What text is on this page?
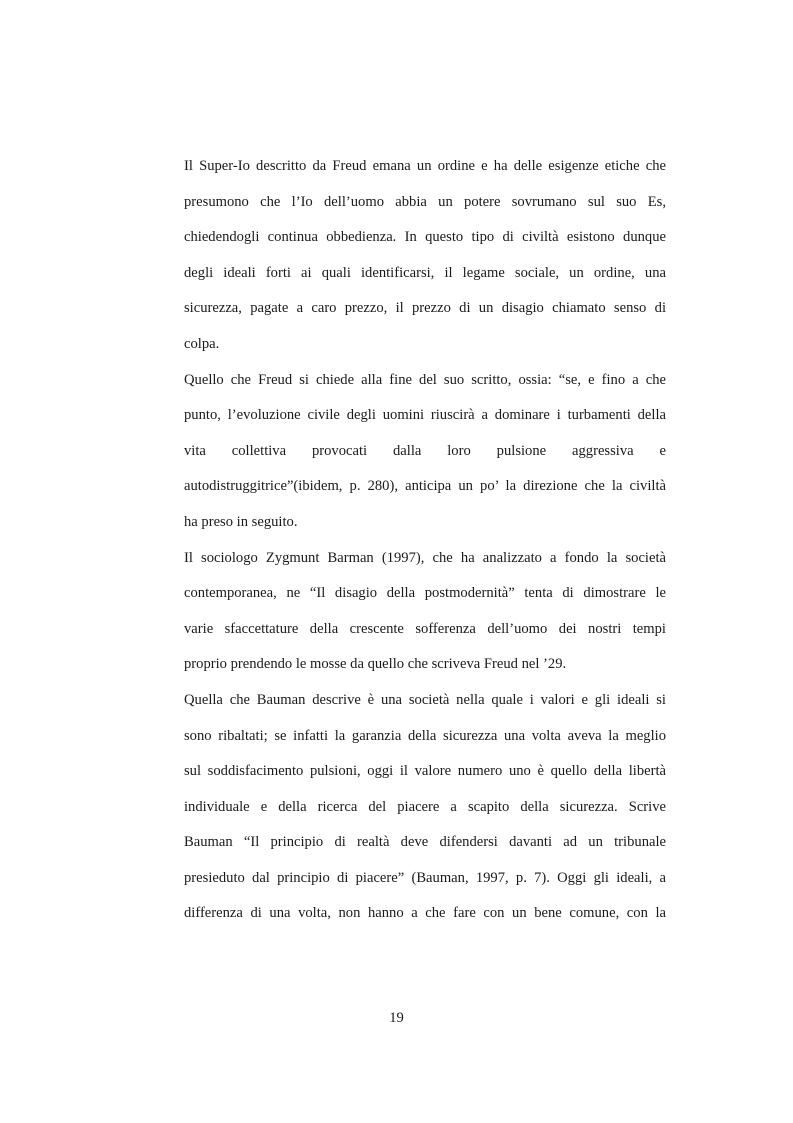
Il Super-Io descritto da Freud emana un ordine e ha delle esigenze etiche che
presumono che l’Io dell’uomo abbia un potere sovrumano sul suo Es,
chiedendogli continua obbedienza. In questo tipo di civiltà esistono dunque
degli ideali forti ai quali identificarsi, il legame sociale, un ordine, una
sicurezza, pagate a caro prezzo, il prezzo di un disagio chiamato senso di
colpa.
Quello che Freud si chiede alla fine del suo scritto, ossia: “se, e fino a che
punto, l’evoluzione civile degli uomini riuscirà a dominare i turbamenti della
vita collettiva provocati dalla loro pulsione aggressiva e
autodistruggitrice”(ibidem, p. 280), anticipa un po’ la direzione che la civiltà
ha preso in seguito.
Il sociologo Zygmunt Barman (1997), che ha analizzato a fondo la società
contemporanea, ne “Il disagio della postmodernità” tenta di dimostrare le
varie sfaccettature della crescente sofferenza dell’uomo dei nostri tempi
proprio prendendo le mosse da quello che scriveva Freud nel ’29.
Quella che Bauman descrive è una società nella quale i valori e gli ideali si
sono ribaltati; se infatti la garanzia della sicurezza una volta aveva la meglio
sul soddisfacimento pulsioni, oggi il valore numero uno è quello della libertà
individuale e della ricerca del piacere a scapito della sicurezza. Scrive
Bauman “Il principio di realtà deve difendersi davanti ad un tribunale
presieduto dal principio di piacere” (Bauman, 1997, p. 7). Oggi gli ideali, a
differenza di una volta, non hanno a che fare con un bene comune, con la
19
